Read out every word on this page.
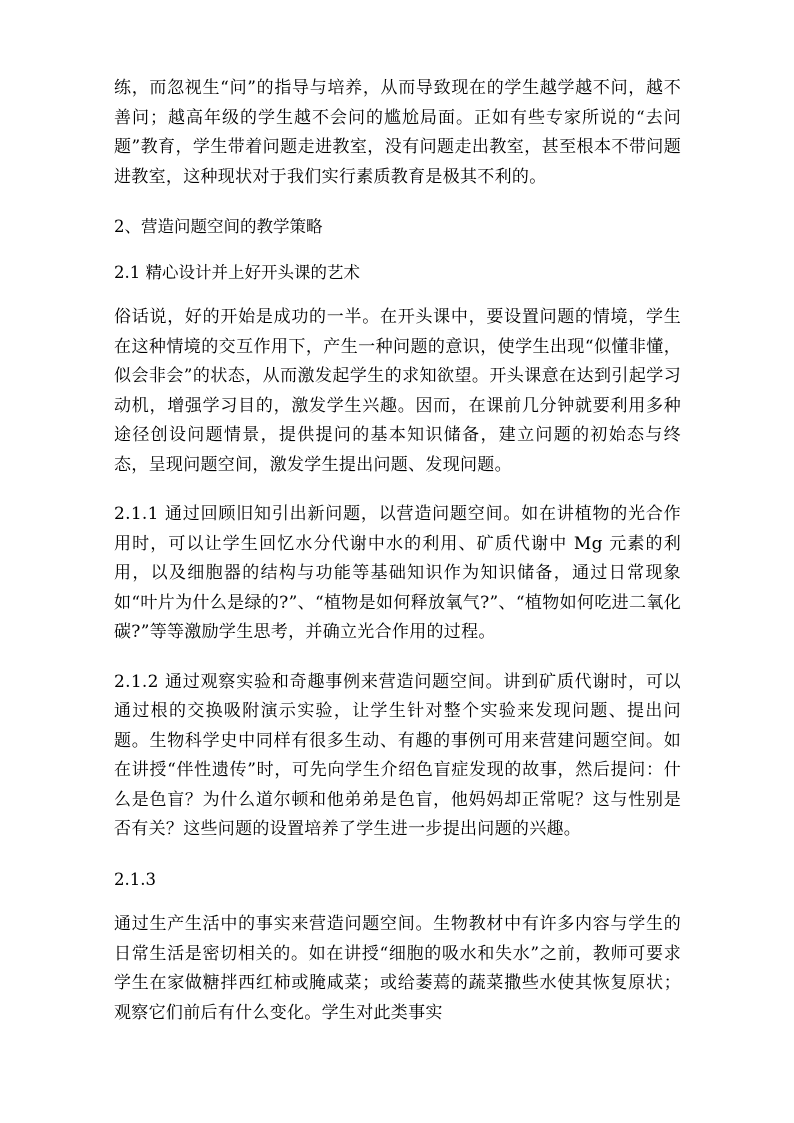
练，而忽视生“问”的指导与培养，从而导致现在的学生越学越不问，越不善问；越高年级的学生越不会问的尴尬局面。正如有些专家所说的“去问题”教育，学生带着问题走进教室，没有问题走出教室，甚至根本不带问题进教室，这种现状对于我们实行素质教育是极其不利的。

2、营造问题空间的教学策略

2.1 精心设计并上好开头课的艺术

俗话说，好的开始是成功的一半。在开头课中，要设置问题的情境，学生在这种情境的交互作用下，产生一种问题的意识，使学生出现“似懂非懂，似会非会”的状态，从而激发起学生的求知欲望。开头课意在达到引起学习动机，增强学习目的，激发学生兴趣。因而，在课前几分钟就要利用多种途径创设问题情景，提供提问的基本知识储备，建立问题的初始态与终态，呈现问题空间，激发学生提出问题、发现问题。

2.1.1 通过回顾旧知引出新问题，以营造问题空间。如在讲植物的光合作用时，可以让学生回忆水分代谢中水的利用、矿质代谢中 Mg 元素的利用，以及细胞器的结构与功能等基础知识作为知识储备，通过日常现象如“叶片为什么是绿的?”、“植物是如何释放氧气?”、“植物如何吃进二氧化碳?”等等激励学生思考，并确立光合作用的过程。

2.1.2 通过观察实验和奇趣事例来营造问题空间。讲到矿质代谢时，可以通过根的交换吸附演示实验，让学生针对整个实验来发现问题、提出问题。生物科学史中同样有很多生动、有趣的事例可用来营建问题空间。如在讲授“伴性遗传”时，可先向学生介绍色盲症发现的故事，然后提问：什么是色盲？为什么道尔顿和他弟弟是色盲，他妈妈却正常呢？这与性别是否有关？这些问题的设置培养了学生进一步提出问题的兴趣。

2.1.3

通过生产生活中的事实来营造问题空间。生物教材中有许多内容与学生的日常生活是密切相关的。如在讲授“细胞的吸水和失水”之前，教师可要求学生在家做糖拌西红柿或腌咸菜；或给萎蔫的蔬菜撒些水使其恢复原状；观察它们前后有什么变化。学生对此类事实
